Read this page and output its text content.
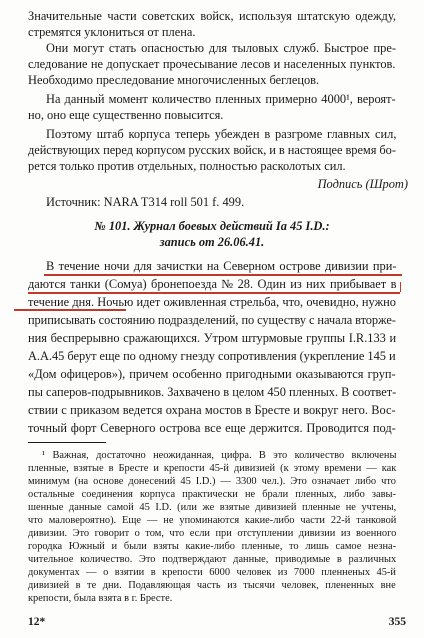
Значительные части советских войск, используя штатскую одежду,
стремятся уклониться от плена.
Они могут стать опасностью для тыловых служб. Быстрое пре-
следование не допускает прочесывание лесов и населенных пунктов.
Необходимо преследование многочисленных беглецов.
На данный момент количество пленных примерно 4000¹, вероят-
но, оно еще существенно повысится.
Поэтому штаб корпуса теперь убежден в разгроме главных сил,
действующих перед корпусом русских войск, и в настоящее время бо-
рется только против отдельных, полностью расколотых сил.
Подпись (Шрот)
Источник: NARA T314 roll 501 f. 499.
№ 101. Журнал боевых действий Ia 45 I.D.:
запись от 26.06.41.
В течение ночи для зачистки на Северном острове дивизии при-
даются танки (Сомуа) бронепоезда № 28. Один из них прибывает в
течение дня. Ночью идет оживленная стрельба, что, очевидно, нужно
приписывать состоянию подразделений, по существу с начала вторже-
ния беспрерывно сражающихся. Утром штурмовые группы I.R.133 и
A.A.45 берут еще по одному гнезду сопротивления (укрепление 145 и
«Дом офицеров»), причем особенно пригодными оказываются груп-
пы саперов-подрывников. Захвачено в целом 450 пленных. В соответ-
ствии с приказом ведется охрана мостов в Бресте и вокруг него. Вос-
точный форт Северного острова все еще держится. Проводится под-
¹ Важная, достаточно неожиданная, цифра. В это количество включены
пленные, взятые в Бресте и крепости 45-й дивизией (к этому времени — как
минимум (на основе донесений 45 I.D.) — 3300 чел.). Это означает либо что
остальные соединения корпуса практически не брали пленных, либо завы-
шенные данные самой 45 I.D. (или же взятые дивизией пленные не учтены,
что маловероятно). Еще — не упоминаются какие-либо части 22-й танковой
дивизии. Это говорит о том, что если при отступлении дивизии из военного
городка Южный и были взяты какие-либо пленные, то лишь самое незна-
чительное количество. Это подтверждают данные, приводимые в различных
документах — о взятии в крепости 6000 человек из 7000 пленненых 45-й
дивизией в те дни. Подавляющая часть из тысячи человек, плененных вне
крепости, была взята в г. Бресте.
12*	355
